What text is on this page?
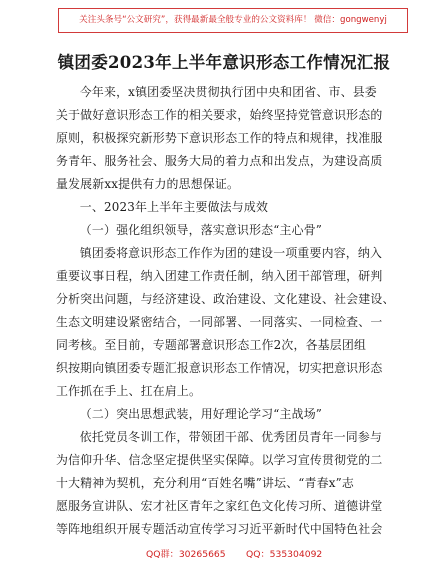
关注头条号“公文研究”，获得最新最全般专业的公文资料库！ 微信：gongwenyj
镇团委2023年上半年意识形态工作情况汇报
今年来，x镇团委坚决贯彻执行团中央和团省、市、县委
关于做好意识形态工作的相关要求，始终坚持党管意识形态的
原则，积极探究新形势下意识形态工作的特点和规律，找准服
务青年、服务社会、服务大局的着力点和出发点，为建设高质
量发展新xx提供有力的思想保证。
一、2023年上半年主要做法与成效
（一）强化组织领导，落实意识形态“主心骨”
镇团委将意识形态工作作为团的建设一项重要内容，纳入
重要议事日程，纳入团建工作责任制，纳入团干部管理，研判
分析突出问题，与经济建设、政治建设、文化建设、社会建设、
生态文明建设紧密结合，一同部署、一同落实、一同检查、一
同考核。至目前，专题部署意识形态工作2次，各基层团组
织按期向镇团委专题汇报意识形态工作情况，切实把意识形态
工作抓在手上、扛在肩上。
（二）突出思想武装，用好理论学习“主战场”
依托党员冬训工作，带领团干部、优秀团员青年一同参与
为信仰升华、信念坚定提供坚实保障。以学习宣传贯彻党的二
十大精神为契机，充分利用“百姓名嘴”讲坛、“青春x”志
愿服务宣讲队、宏才社区青年之家红色文化传习所、道德讲堂
等阵地组织开展专题活动宣传学习习近平新时代中国特色社会
QQ群：30265665 QQ：535304092
